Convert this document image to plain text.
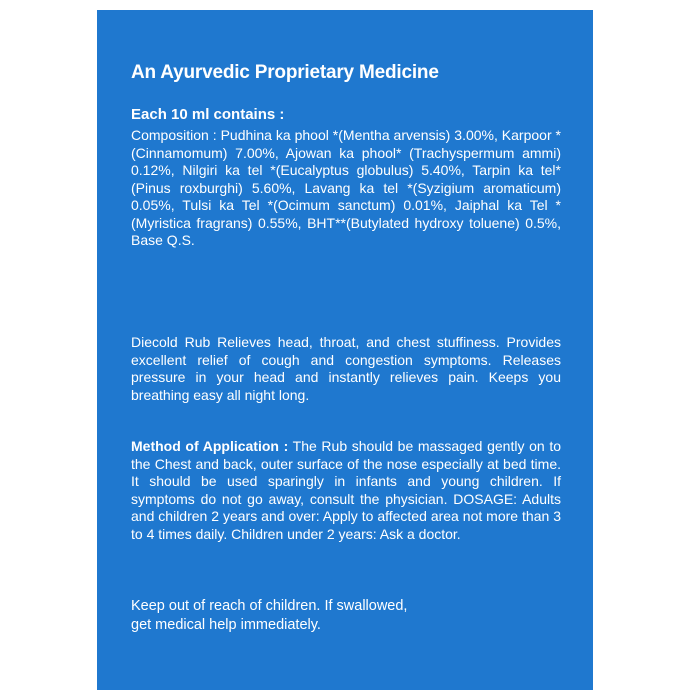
An Ayurvedic Proprietary Medicine
Each 10 ml contains :
Composition : Pudhina ka phool *(Mentha arvensis) 3.00%, Karpoor *(Cinnamomum) 7.00%, Ajowan ka phool* (Trachyspermum ammi) 0.12%, Nilgiri ka tel *(Eucalyptus globulus) 5.40%, Tarpin ka tel*(Pinus roxburghi) 5.60%, Lavang ka tel *(Syzigium aromaticum) 0.05%, Tulsi ka Tel *(Ocimum sanctum) 0.01%, Jaiphal ka Tel *(Myristica fragrans) 0.55%, BHT**(Butylated hydroxy toluene) 0.5%, Base Q.S.
Diecold Rub Relieves head, throat, and chest stuffiness. Provides excellent relief of cough and congestion symptoms. Releases pressure in your head and instantly relieves pain. Keeps you breathing easy all night long.
Method of Application : The Rub should be massaged gently on to the Chest and back, outer surface of the nose especially at bed time. It should be used sparingly in infants and young children. If symptoms do not go away, consult the physician. DOSAGE: Adults and children 2 years and over: Apply to affected area not more than 3 to 4 times daily. Children under 2 years: Ask a doctor.
Keep out of reach of children. If swallowed,
get medical help immediately.
